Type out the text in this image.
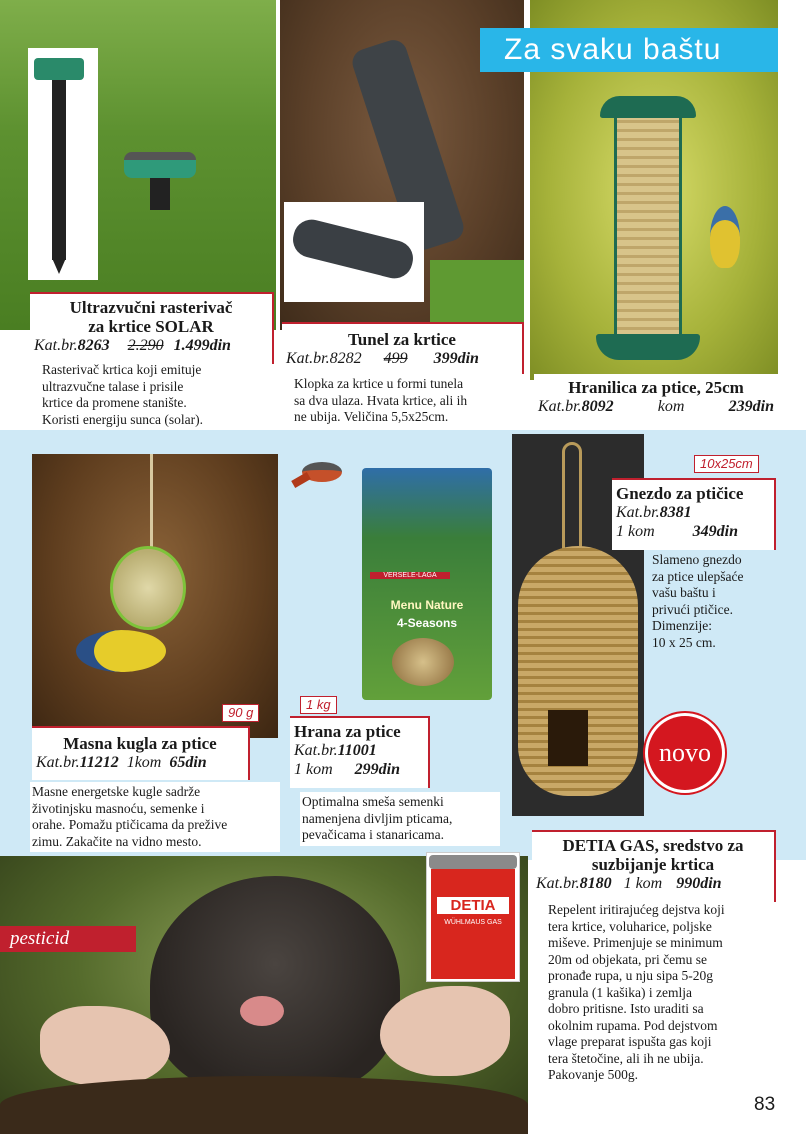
Ultrazvučni rasterivač
za krtice SOLAR
Kat.br.8263 2.290 1.499din
Rasterivač krtica koji emituje
ultrazvučne talase i prisile
krtice da promene stanište.
Koristi energiju sunca (solar).
Tunel za krtice
Kat.br.8282 499 399din
Klopka za krtice u formi tunela
sa dva ulaza. Hvata krtice, ali ih
ne ubija. Veličina 5,5x25cm.
Za svaku baštu
Hranilica za ptice, 25cm
Kat.br.8092	kom	239din
90 g
Masna kugla za ptice
Kat.br.11212 1kom 65din
Masne energetske kugle sadrže
životinjsku masnoću, semenke i
orahe. Pomažu ptičicama da prežive
zimu. Zakačite na vidno mesto.
VERSELE-LAGA
Menu Nature
4-Seasons
1 kg
Hrana za ptice
Kat.br.11001
1 kom 299din
Optimalna smeša semenki
namenjena divljim pticama,
pevačicama i stanaricama.
10x25cm
Gnezdo za ptičice
Kat.br.8381
1 kom 349din
Slameno gnezdo
za ptice ulepšaće
vašu baštu i
privući ptičice.
Dimenzije:
10 x 25 cm.
novo
pesticid
DETIA
WÜHLMAUS GAS
DETIA GAS, sredstvo za
suzbijanje krtica
Kat.br.8180 1 kom 990din
Repelent iritirajućeg dejstva koji
tera krtice, voluharice, poljske
miševe. Primenjuje se minimum
20m od objekata, pri čemu se
pronađe rupa, u nju sipa 5-20g
granula (1 kašika) i zemlja
dobro pritisne. Isto uraditi sa
okolnim rupama. Pod dejstvom
vlage preparat ispušta gas koji
tera štetočine, ali ih ne ubija.
Pakovanje 500g.
83
